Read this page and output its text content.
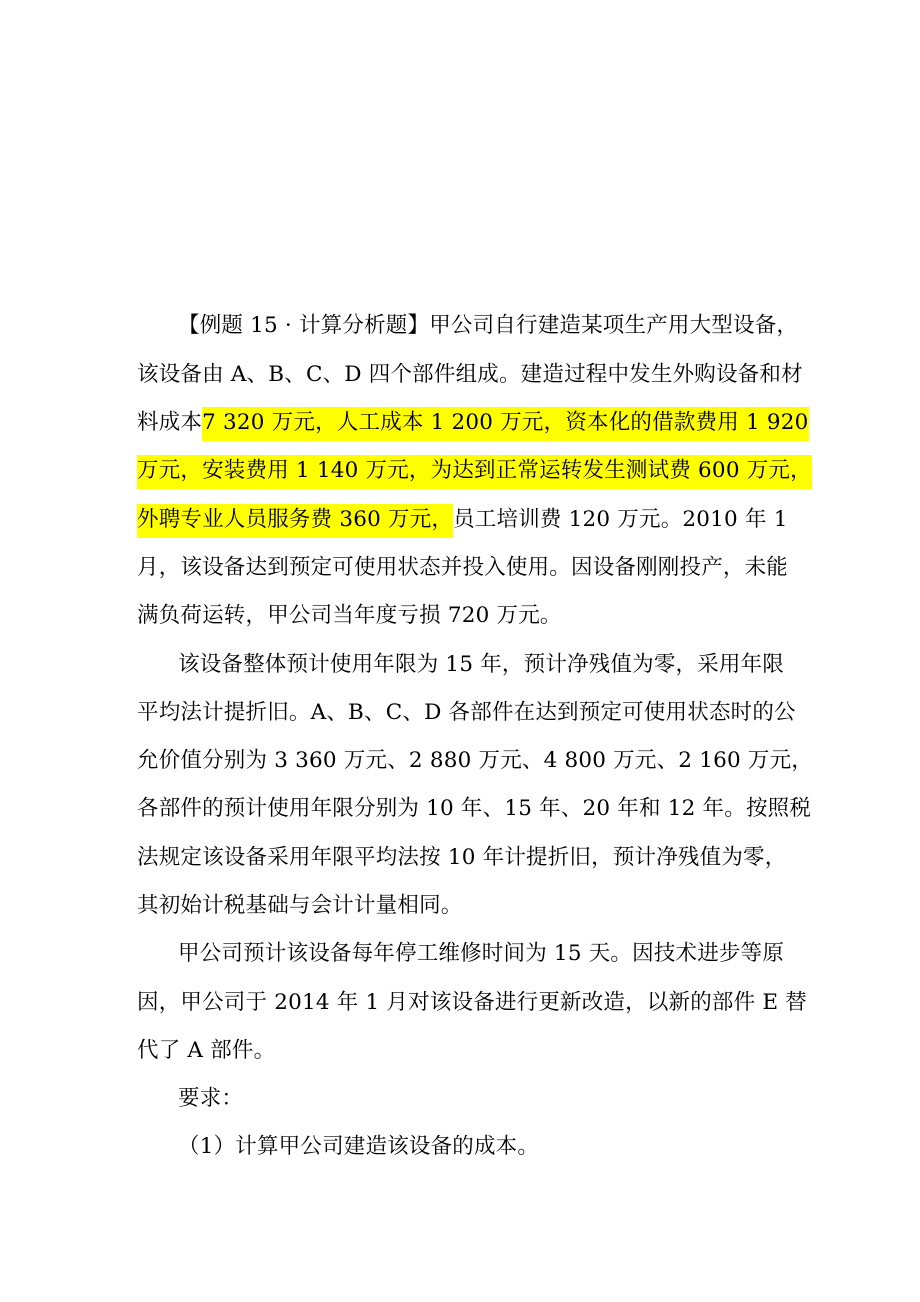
【例题 15 · 计算分析题】甲公司自行建造某项生产用大型设备，
该设备由 A、B、C、D 四个部件组成。建造过程中发生外购设备和材
料成本7 320 万元，人工成本 1 200 万元，资本化的借款费用 1 920
万元，安装费用 1 140 万元，为达到正常运转发生测试费 600 万元，
外聘专业人员服务费 360 万元，员工培训费 120 万元。2010 年 1
月，该设备达到预定可使用状态并投入使用。因设备刚刚投产，未能
满负荷运转，甲公司当年度亏损 720 万元。
该设备整体预计使用年限为 15 年，预计净残值为零，采用年限
平均法计提折旧。A、B、C、D 各部件在达到预定可使用状态时的公
允价值分别为 3 360 万元、2 880 万元、4 800 万元、2 160 万元，
各部件的预计使用年限分别为 10 年、15 年、20 年和 12 年。按照税
法规定该设备采用年限平均法按 10 年计提折旧，预计净残值为零，
其初始计税基础与会计计量相同。
甲公司预计该设备每年停工维修时间为 15 天。因技术进步等原
因，甲公司于 2014 年 1 月对该设备进行更新改造，以新的部件 E 替
代了 A 部件。
要求：
（1）计算甲公司建造该设备的成本。
